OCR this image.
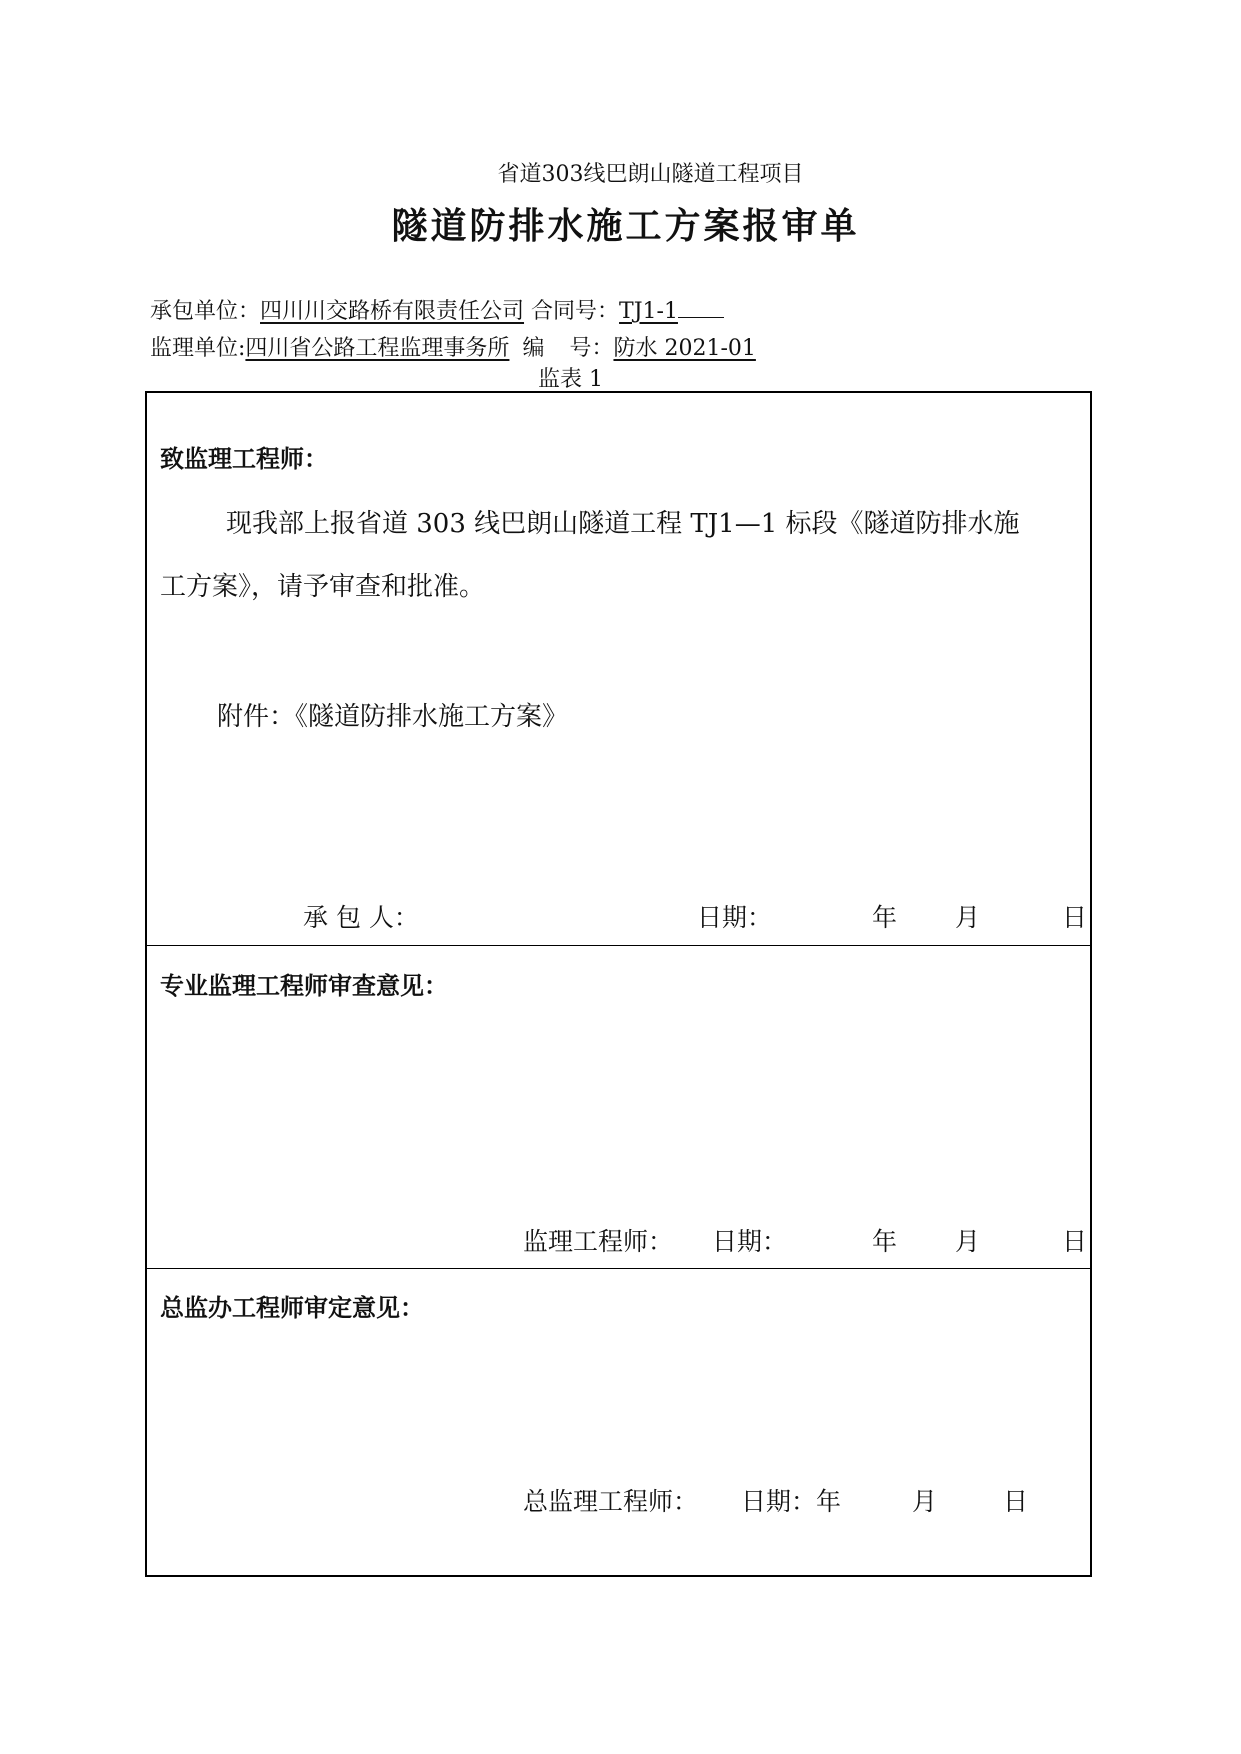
省道303线巴朗山隧道工程项目
隧道防排水施工方案报审单
承包单位：四川川交路桥有限责任公司 合同号：TJ1-1
监理单位:四川省公路工程监理事务所 编 号：防水 2021-01
监表 1
致监理工程师：
现我部上报省道 303 线巴朗山隧道工程 TJ1—1 标段《隧道防排水施
工方案》，请予审查和批准。
附件：《隧道防排水施工方案》
承 包 人：	日期：	年 月	日
专业监理工程师审查意见：
监理工程师： 日期：	年 月	日
总监办工程师审定意见：
总监理工程师： 日期：年	月	日
